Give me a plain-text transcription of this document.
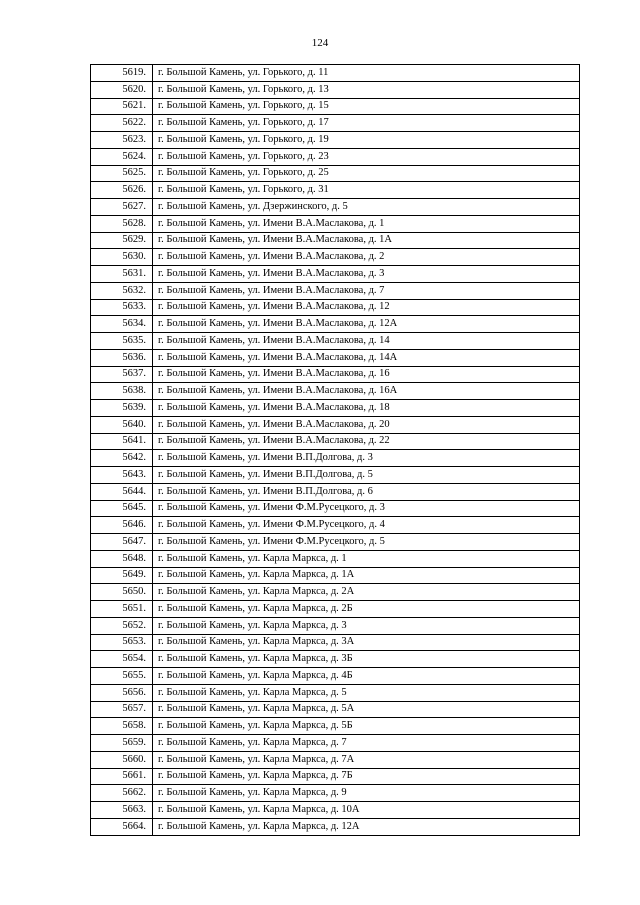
124
5619.	г. Большой Камень, ул. Горького, д. 11
5620.	г. Большой Камень, ул. Горького, д. 13
5621.	г. Большой Камень, ул. Горького, д. 15
5622.	г. Большой Камень, ул. Горького, д. 17
5623.	г. Большой Камень, ул. Горького, д. 19
5624.	г. Большой Камень, ул. Горького, д. 23
5625.	г. Большой Камень, ул. Горького, д. 25
5626.	г. Большой Камень, ул. Горького, д. 31
5627.	г. Большой Камень, ул. Дзержинского, д. 5
5628.	г. Большой Камень, ул. Имени В.А.Маслакова, д. 1
5629.	г. Большой Камень, ул. Имени В.А.Маслакова, д. 1А
5630.	г. Большой Камень, ул. Имени В.А.Маслакова, д. 2
5631.	г. Большой Камень, ул. Имени В.А.Маслакова, д. 3
5632.	г. Большой Камень, ул. Имени В.А.Маслакова, д. 7
5633.	г. Большой Камень, ул. Имени В.А.Маслакова, д. 12
5634.	г. Большой Камень, ул. Имени В.А.Маслакова, д. 12А
5635.	г. Большой Камень, ул. Имени В.А.Маслакова, д. 14
5636.	г. Большой Камень, ул. Имени В.А.Маслакова, д. 14А
5637.	г. Большой Камень, ул. Имени В.А.Маслакова, д. 16
5638.	г. Большой Камень, ул. Имени В.А.Маслакова, д. 16А
5639.	г. Большой Камень, ул. Имени В.А.Маслакова, д. 18
5640.	г. Большой Камень, ул. Имени В.А.Маслакова, д. 20
5641.	г. Большой Камень, ул. Имени В.А.Маслакова, д. 22
5642.	г. Большой Камень, ул. Имени В.П.Долгова, д. 3
5643.	г. Большой Камень, ул. Имени В.П.Долгова, д. 5
5644.	г. Большой Камень, ул. Имени В.П.Долгова, д. 6
5645.	г. Большой Камень, ул. Имени Ф.М.Русецкого, д. 3
5646.	г. Большой Камень, ул. Имени Ф.М.Русецкого, д. 4
5647.	г. Большой Камень, ул. Имени Ф.М.Русецкого, д. 5
5648.	г. Большой Камень, ул. Карла Маркса, д. 1
5649.	г. Большой Камень, ул. Карла Маркса, д. 1А
5650.	г. Большой Камень, ул. Карла Маркса, д. 2А
5651.	г. Большой Камень, ул. Карла Маркса, д. 2Б
5652.	г. Большой Камень, ул. Карла Маркса, д. 3
5653.	г. Большой Камень, ул. Карла Маркса, д. 3А
5654.	г. Большой Камень, ул. Карла Маркса, д. 3Б
5655.	г. Большой Камень, ул. Карла Маркса, д. 4Б
5656.	г. Большой Камень, ул. Карла Маркса, д. 5
5657.	г. Большой Камень, ул. Карла Маркса, д. 5А
5658.	г. Большой Камень, ул. Карла Маркса, д. 5Б
5659.	г. Большой Камень, ул. Карла Маркса, д. 7
5660.	г. Большой Камень, ул. Карла Маркса, д. 7А
5661.	г. Большой Камень, ул. Карла Маркса, д. 7Б
5662.	г. Большой Камень, ул. Карла Маркса, д. 9
5663.	г. Большой Камень, ул. Карла Маркса, д. 10А
5664.	г. Большой Камень, ул. Карла Маркса, д. 12А
